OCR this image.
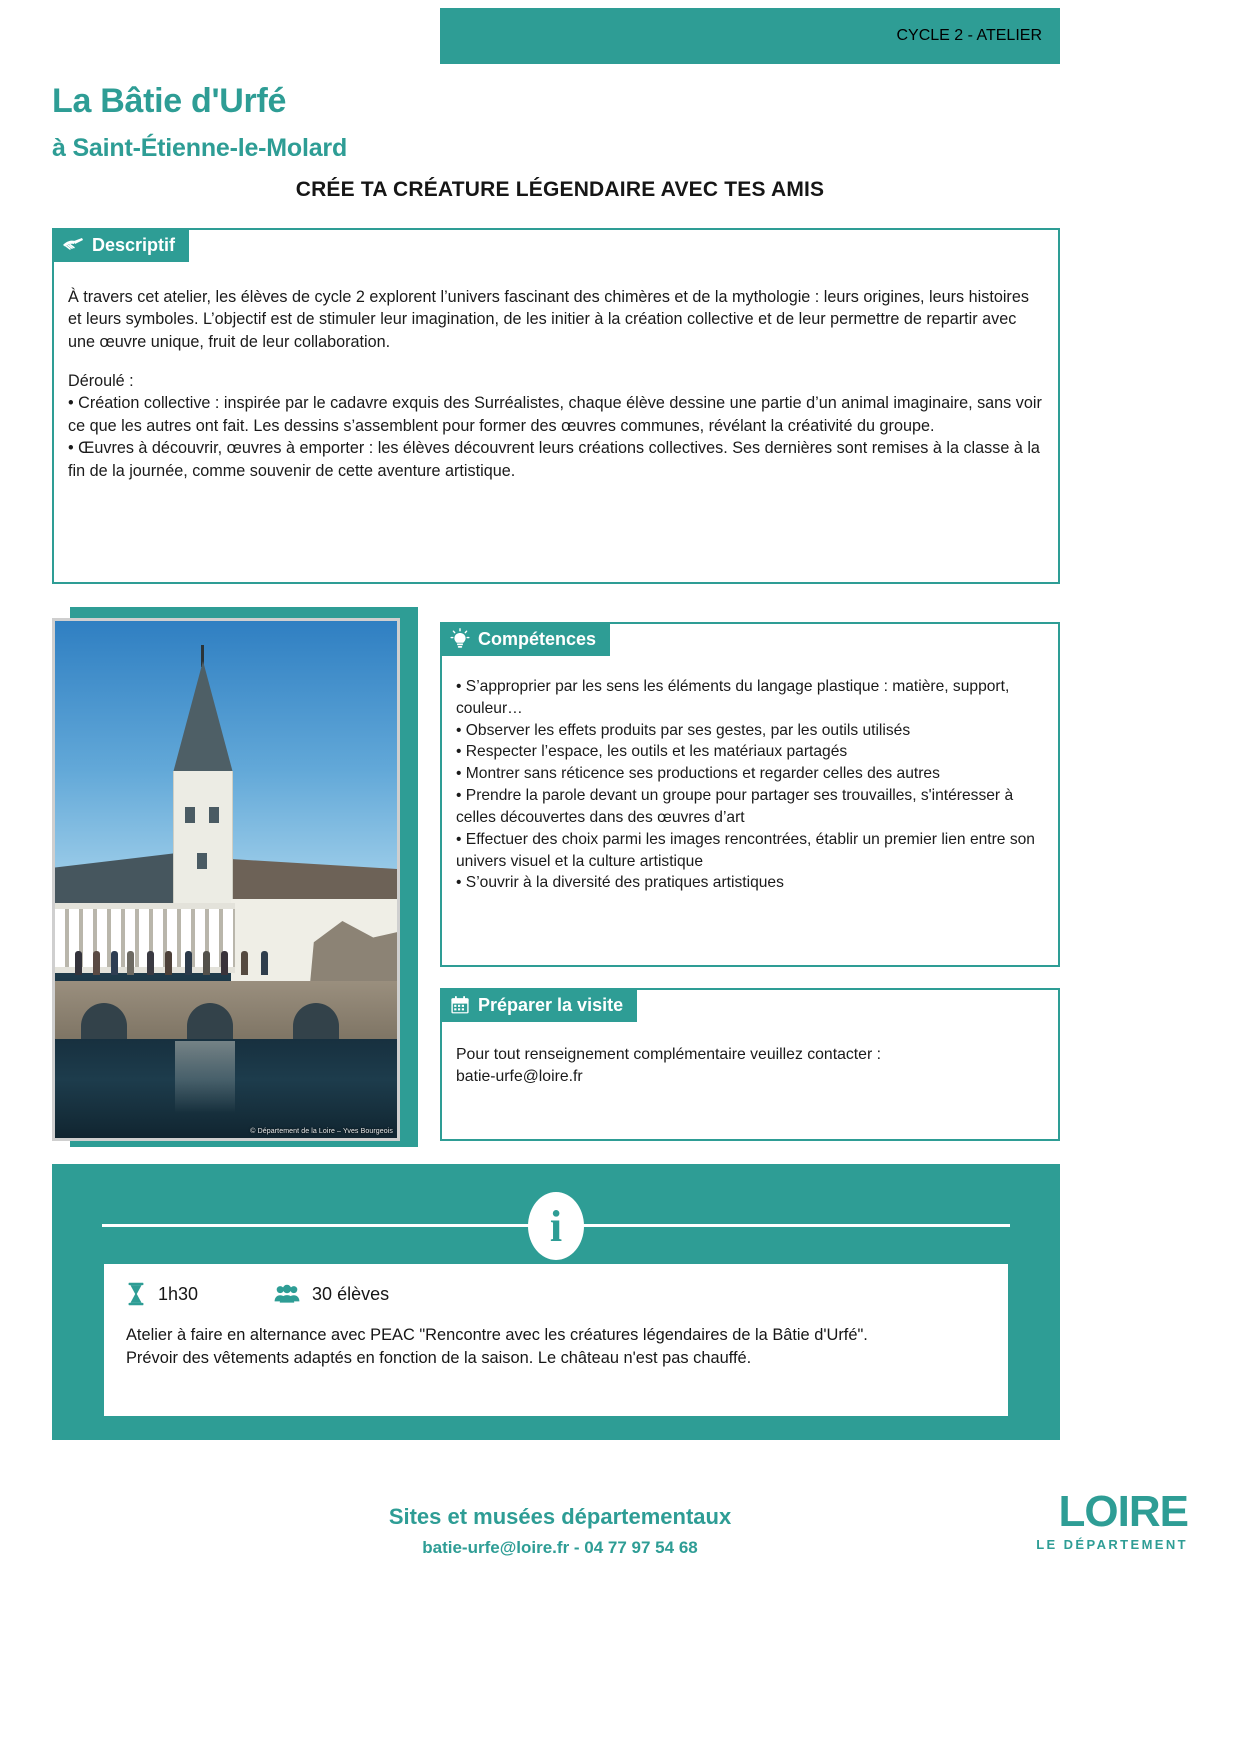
CYCLE 2 - ATELIER
La Bâtie d'Urfé
à Saint-Étienne-le-Molard
CRÉE TA CRÉATURE LÉGENDAIRE AVEC TES AMIS
Descriptif

À travers cet atelier, les élèves de cycle 2 explorent l’univers fascinant des chimères et de la mythologie : leurs origines, leurs histoires et leurs symboles. L’objectif est de stimuler leur imagination, de les initier à la création collective et de leur permettre de repartir avec une œuvre unique, fruit de leur collaboration.

Déroulé :

• Création collective : inspirée par le cadavre exquis des Surréalistes, chaque élève dessine une partie d’un animal imaginaire, sans voir ce que les autres ont fait. Les dessins s’assemblent pour former des œuvres communes, révélant la créativité du groupe.

• Œuvres à découvrir, œuvres à emporter : les élèves découvrent leurs créations collectives. Ses dernières sont remises à la classe à la fin de la journée, comme souvenir de cette aventure artistique.

© Département de la Loire – Yves Bourgeois
Compétences

• S’approprier par les sens les éléments du langage plastique : matière, support, couleur…

• Observer les effets produits par ses gestes, par les outils utilisés

• Respecter l’espace, les outils et les matériaux partagés

• Montrer sans réticence ses productions et regarder celles des autres

• Prendre la parole devant un groupe pour partager ses trouvailles, s'intéresser à celles découvertes dans des œuvres d’art

• Effectuer des choix parmi les images rencontrées, établir un premier lien entre son univers visuel et la culture artistique

• S’ouvrir à la diversité des pratiques artistiques

Préparer la visite

Pour tout renseignement complémentaire veuillez contacter :

batie-urfe@loire.fr

i
1h30	30 élèves
Atelier à faire en alternance avec PEAC "Rencontre avec les créatures légendaires de la Bâtie d'Urfé".
Prévoir des vêtements adaptés en fonction de la saison. Le château n'est pas chauffé.
Sites et musées départementaux
batie-urfe@loire.fr - 04 77 97 54 68
LOIRE
LE DÉPARTEMENT
